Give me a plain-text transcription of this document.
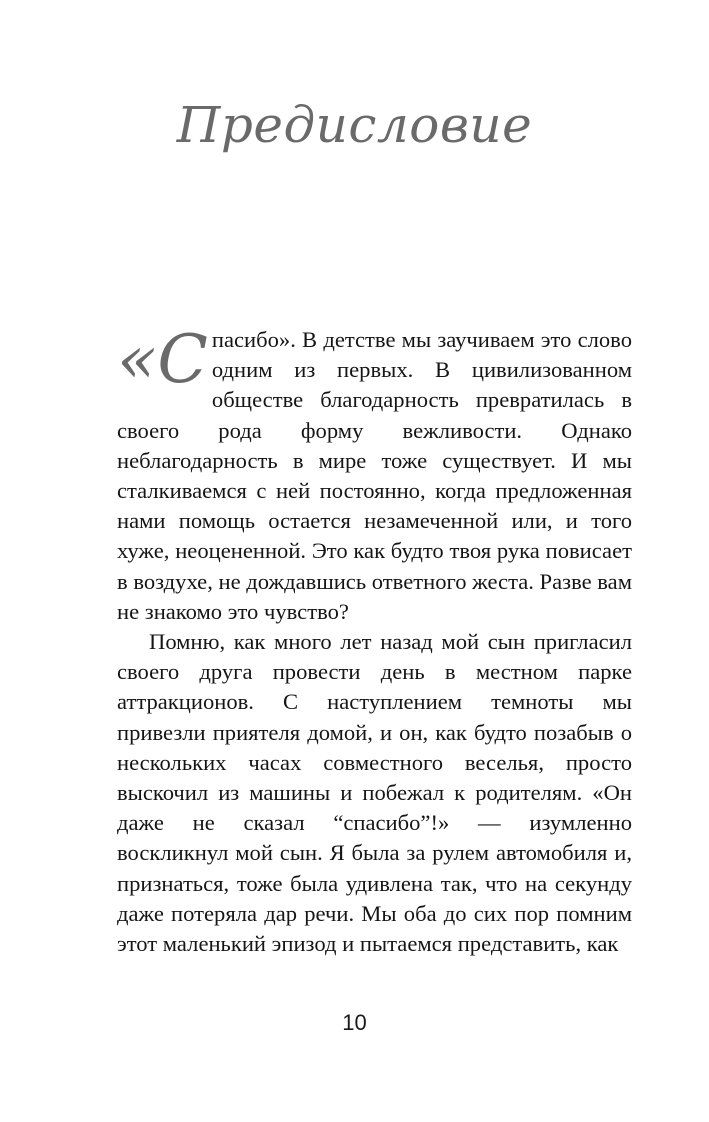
Предисловие

«Спасибо». В детстве мы заучиваем это слово одним из первых. В цивилизованном обществе благодарность превратилась в своего рода форму вежливости. Однако неблагодарность в мире тоже существует. И мы сталкиваемся с ней постоянно, когда предложенная нами помощь остается незамеченной или, и того хуже, неоцененной. Это как будто твоя рука повисает в воздухе, не дождавшись ответного жеста. Разве вам не знакомо это чувство?

Помню, как много лет назад мой сын пригласил своего друга провести день в местном парке аттракционов. С наступлением темноты мы привезли приятеля домой, и он, как будто позабыв о нескольких часах совместного веселья, просто выскочил из машины и побежал к родителям. «Он даже не сказал “спасибо”!» — изумленно воскликнул мой сын. Я была за рулем автомобиля и, признаться, тоже была удивлена так, что на секунду даже потеряла дар речи. Мы оба до сих пор помним этот маленький эпизод и пытаемся представить, как

10
